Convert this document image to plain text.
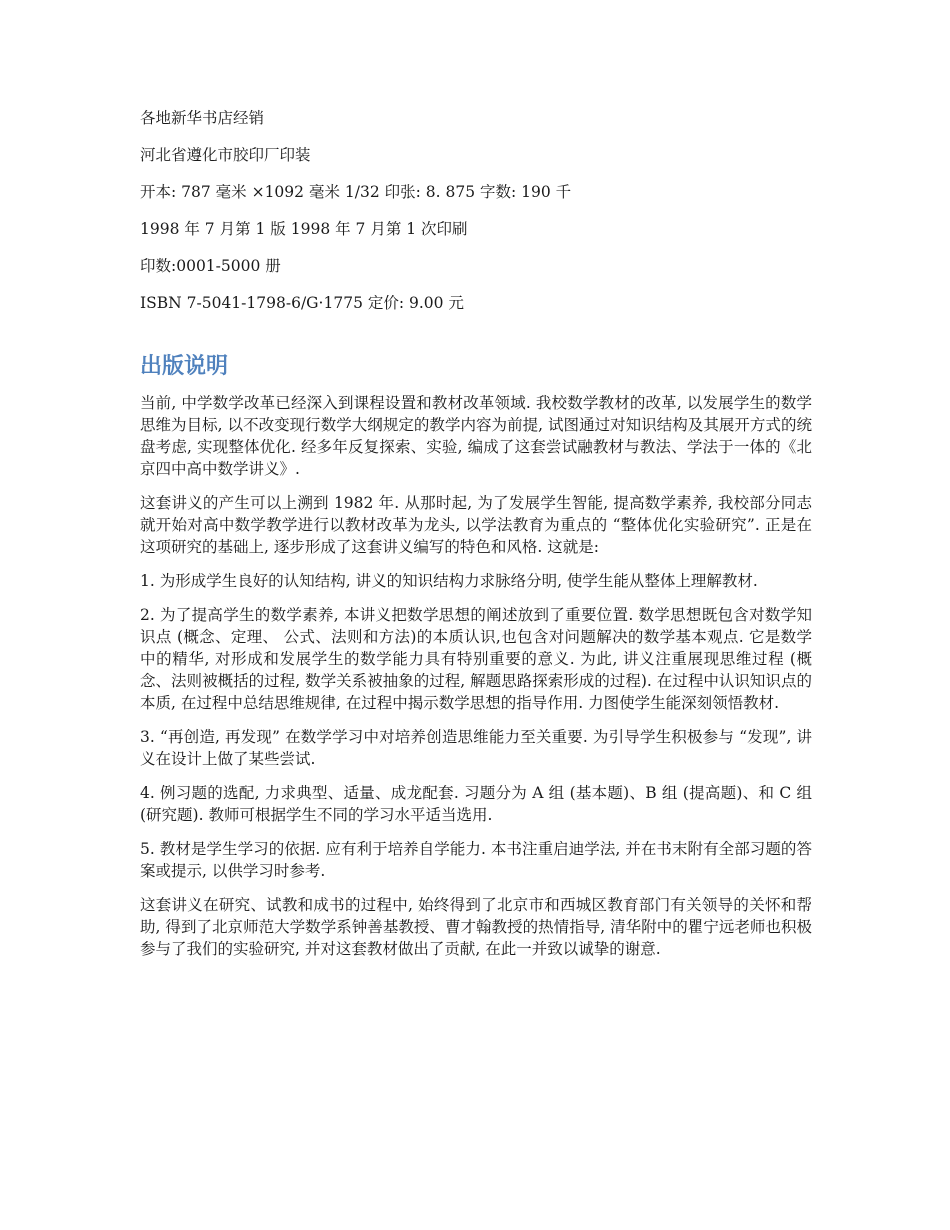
各地新华书店经销

河北省遵化市胶印厂印装

开本: 787 毫米 ×1092 毫米 1/32 印张: 8. 875 字数: 190 千

1998 年 7 月第 1 版 1998 年 7 月第 1 次印刷

印数:0001-5000 册

ISBN 7-5041-1798-6/G·1775 定价: 9.00 元

出版说明

当前, 中学数学改革已经深入到课程设置和教材改革领域. 我校数学教材的改革, 以发展学生的数学思维为目标, 以不改变现行数学大纲规定的教学内容为前提, 试图通过对知识结构及其展开方式的统盘考虑, 实现整体优化. 经多年反复探索、实验, 编成了这套尝试融教材与教法、学法于一体的《北京四中高中数学讲义》.

这套讲义的产生可以上溯到 1982 年. 从那时起, 为了发展学生智能, 提高数学素养, 我校部分同志就开始对高中数学教学进行以教材改革为龙头, 以学法教育为重点的 “整体优化实验研究”. 正是在这项研究的基础上, 逐步形成了这套讲义编写的特色和风格. 这就是:

1. 为形成学生良好的认知结构, 讲义的知识结构力求脉络分明, 使学生能从整体上理解教材.

2. 为了提高学生的数学素养, 本讲义把数学思想的阐述放到了重要位置. 数学思想既包含对数学知识点 (概念、定理、 公式、法则和方法)的本质认识,也包含对问题解决的数学基本观点. 它是数学中的精华, 对形成和发展学生的数学能力具有特别重要的意义. 为此, 讲义注重展现思维过程 (概念、法则被概括的过程, 数学关系被抽象的过程, 解题思路探索形成的过程). 在过程中认识知识点的本质, 在过程中总结思维规律, 在过程中揭示数学思想的指导作用. 力图使学生能深刻领悟教材.

3. “再创造, 再发现” 在数学学习中对培养创造思维能力至关重要. 为引导学生积极参与 “发现”, 讲义在设计上做了某些尝试.

4. 例习题的选配, 力求典型、适量、成龙配套. 习题分为 A 组 (基本题)、B 组 (提高题)、和 C 组 (研究题). 教师可根据学生不同的学习水平适当选用.

5. 教材是学生学习的依据. 应有利于培养自学能力. 本书注重启迪学法, 并在书末附有全部习题的答案或提示, 以供学习时参考.

这套讲义在研究、试教和成书的过程中, 始终得到了北京市和西城区教育部门有关领导的关怀和帮助, 得到了北京师范大学数学系钟善基教授、曹才翰教授的热情指导, 清华附中的瞿宁远老师也积极参与了我们的实验研究, 并对这套教材做出了贡献, 在此一并致以诚挚的谢意.
